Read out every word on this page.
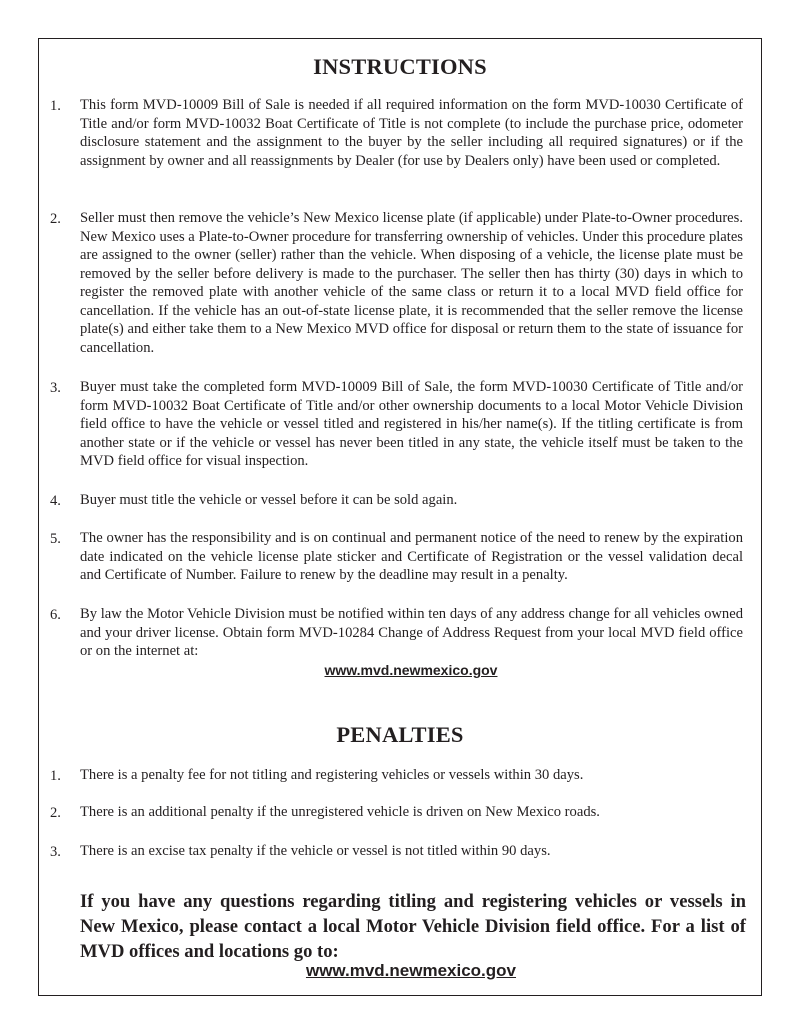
INSTRUCTIONS
1.	This form MVD-10009 Bill of Sale is needed if all required information on the form MVD-10030 Certificate of Title and/or form MVD-10032 Boat Certificate of Title is not complete (to include the purchase price, odometer disclosure statement and the assignment to the buyer by the seller including all required signatures) or if the assignment by owner and all reassignments by Dealer (for use by Dealers only) have been used or completed.
2.	Seller must then remove the vehicle’s New Mexico license plate (if applicable) under Plate-to-Owner procedures. New Mexico uses a Plate-to-Owner procedure for transferring ownership of vehicles. Under this procedure plates are assigned to the owner (seller) rather than the vehicle. When disposing of a vehicle, the license plate must be removed by the seller before delivery is made to the purchaser. The seller then has thirty (30) days in which to register the removed plate with another vehicle of the same class or return it to a local MVD field office for cancellation. If the vehicle has an out-of-state license plate, it is recommended that the seller remove the license plate(s) and either take them to a New Mexico MVD office for disposal or return them to the state of issuance for cancellation.
3.	Buyer must take the completed form MVD-10009 Bill of Sale, the form MVD-10030 Certificate of Title and/or form MVD-10032 Boat Certificate of Title and/or other ownership documents to a local Motor Vehicle Division field office to have the vehicle or vessel titled and registered in his/her name(s). If the titling certificate is from another state or if the vehicle or vessel has never been titled in any state, the vehicle itself must be taken to the MVD field office for visual inspection.
4.	Buyer must title the vehicle or vessel before it can be sold again.
5.	The owner has the responsibility and is on continual and permanent notice of the need to renew by the expiration date indicated on the vehicle license plate sticker and Certificate of Registration or the vessel validation decal and Certificate of Number. Failure to renew by the deadline may result in a penalty.
6.	By law the Motor Vehicle Division must be notified within ten days of any address change for all vehicles owned and your driver license. Obtain form MVD-10284 Change of Address Request from your local MVD field office or on the internet at:
www.mvd.newmexico.gov
PENALTIES
1.	There is a penalty fee for not titling and registering vehicles or vessels within 30 days.
2.	There is an additional penalty if the unregistered vehicle is driven on New Mexico roads.
3.	There is an excise tax penalty if the vehicle or vessel is not titled within 90 days.
If you have any questions regarding titling and registering vehicles or vessels in New Mexico, please contact a local Motor Vehicle Division field office. For a list of MVD offices and locations go to:
www.mvd.newmexico.gov
